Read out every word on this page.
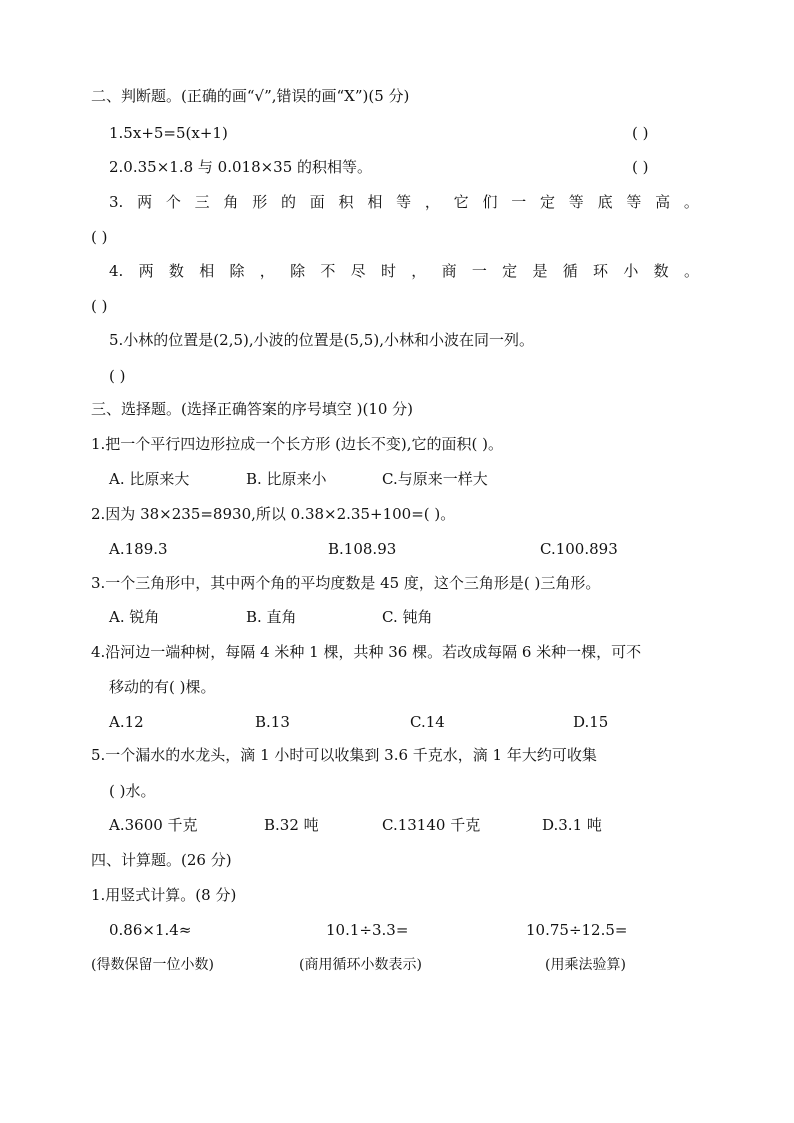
二、判断题。(正确的画“√”,错误的画“X”)(5 分)
1.5x+5=5(x+1)	( )
2.0.35×1.8 与 0.018×35 的积相等。	( )
3. 两 个 三 角 形 的 面 积 相 等 ， 它 们 一 定 等 底 等 高 。
( )
4. 两 数 相 除 ， 除 不 尽 时 ， 商 一 定 是 循 环 小 数 。
( )
5.小林的位置是(2,5),小波的位置是(5,5),小林和小波在同一列。
( )
三、选择题。(选择正确答案的序号填空 )(10 分)
1.把一个平行四边形拉成一个长方形 (边长不变),它的面积( )。
A. 比原来大	B. 比原来小	C.与原来一样大
2.因为 38×235=8930,所以 0.38×2.35+100=( )。
A.189.3	B.108.93	C.100.893
3.一个三角形中，其中两个角的平均度数是 45 度，这个三角形是( )三角形。
A. 锐角	B. 直角	C. 钝角
4.沿河边一端种树，每隔 4 米种 1 棵，共种 36 棵。若改成每隔 6 米种一棵，可不
移动的有( )棵。
A.12	B.13	C.14	D.15
5.一个漏水的水龙头，滴 1 小时可以收集到 3.6 千克水，滴 1 年大约可收集
( )水。
A.3600 千克	B.32 吨	C.13140 千克	D.3.1 吨
四、计算题。(26 分)
1.用竖式计算。(8 分)
0.86×1.4≈	10.1÷3.3=	10.75÷12.5=
(得数保留一位小数)	(商用循环小数表示)	(用乘法验算)
